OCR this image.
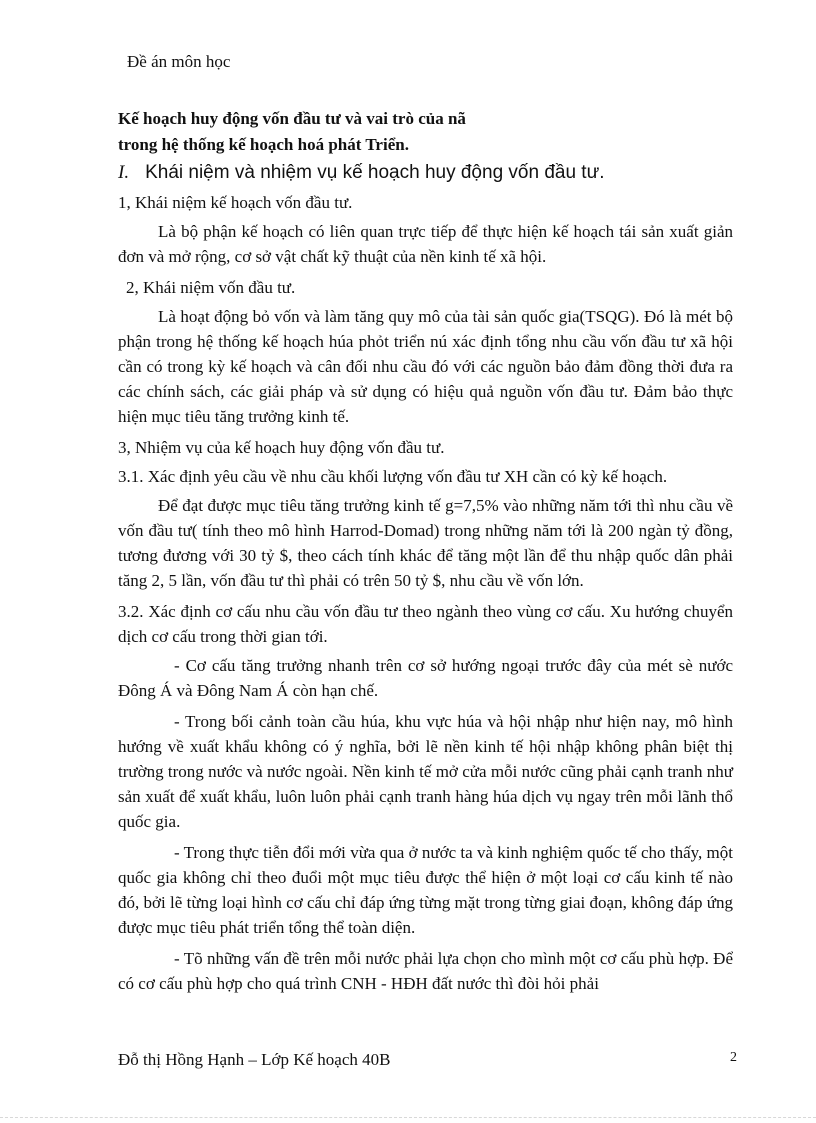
Đề án môn học
Kế hoạch huy động vốn đầu tư và vai trò của nã
trong hệ thống kế hoạch hoá phát Triển.
I. Khái niệm và nhiệm vụ kế hoạch huy động vốn đầu tư.
1, Khái niệm kế hoạch vốn đầu tư.

Là bộ phận kế hoạch có liên quan trực tiếp để thực hiện kế hoạch tái sản xuất giản đơn và mở rộng, cơ sở vật chất kỹ thuật của nền kinh tế xã hội.

2, Khái niệm vốn đầu tư.

Là hoạt động bỏ vốn và làm tăng quy mô của tài sản quốc gia(TSQG). Đó là mét bộ phận trong hệ thống kế hoạch húa phỏt triển nú xác định tổng nhu cầu vốn đầu tư xã hội cần có trong kỳ kế hoạch và cân đối nhu cầu đó với các nguồn bảo đảm đồng thời đưa ra các chính sách, các giải pháp và sử dụng có hiệu quả nguồn vốn đầu tư. Đảm bảo thực hiện mục tiêu tăng trưởng kinh tế.

3, Nhiệm vụ của kế hoạch huy động vốn đầu tư.
3.1. Xác định yêu cầu về nhu cầu khối lượng vốn đầu tư XH cần có kỳ kế hoạch.

Để đạt được mục tiêu tăng trưởng kinh tế g=7,5% vào những năm tới thì nhu cầu về vốn đầu tư( tính theo mô hình Harrod-Domad) trong những năm tới là 200 ngàn tỷ đồng, tương đương với 30 tỷ $, theo cách tính khác để tăng một lần để thu nhập quốc dân phải tăng 2, 5 lần, vốn đầu tư thì phải có trên 50 tỷ $, nhu cầu về vốn lớn.

3.2. Xác định cơ cấu nhu cầu vốn đầu tư theo ngành theo vùng cơ cấu. Xu hướng chuyển dịch cơ cấu trong thời gian tới.

- Cơ cấu tăng trưởng nhanh trên cơ sở hướng ngoại trước đây của mét sè nước Đông Á và Đông Nam Á còn hạn chế.

- Trong bối cảnh toàn cầu húa, khu vực húa và hội nhập như hiện nay, mô hình hướng về xuất khẩu không có ý nghĩa, bởi lẽ nền kinh tế hội nhập không phân biệt thị trường trong nước và nước ngoài. Nền kinh tế mở cửa mỗi nước cũng phải cạnh tranh như sản xuất để xuất khẩu, luôn luôn phải cạnh tranh hàng húa dịch vụ ngay trên mỗi lãnh thổ quốc gia.

- Trong thực tiễn đổi mới vừa qua ở nước ta và kinh nghiệm quốc tế cho thấy, một quốc gia không chỉ theo đuổi một mục tiêu được thể hiện ở một loại cơ cấu kinh tế nào đó, bởi lẽ từng loại hình cơ cấu chỉ đáp ứng từng mặt trong từng giai đoạn, không đáp ứng được mục tiêu phát triển tổng thể toàn diện.

- Tõ những vấn đề trên mỗi nước phải lựa chọn cho mình một cơ cấu phù hợp. Để có cơ cấu phù hợp cho quá trình CNH - HĐH đất nước thì đòi hỏi phải

Đỗ thị Hồng Hạnh – Lớp Kế hoạch 40B	2
